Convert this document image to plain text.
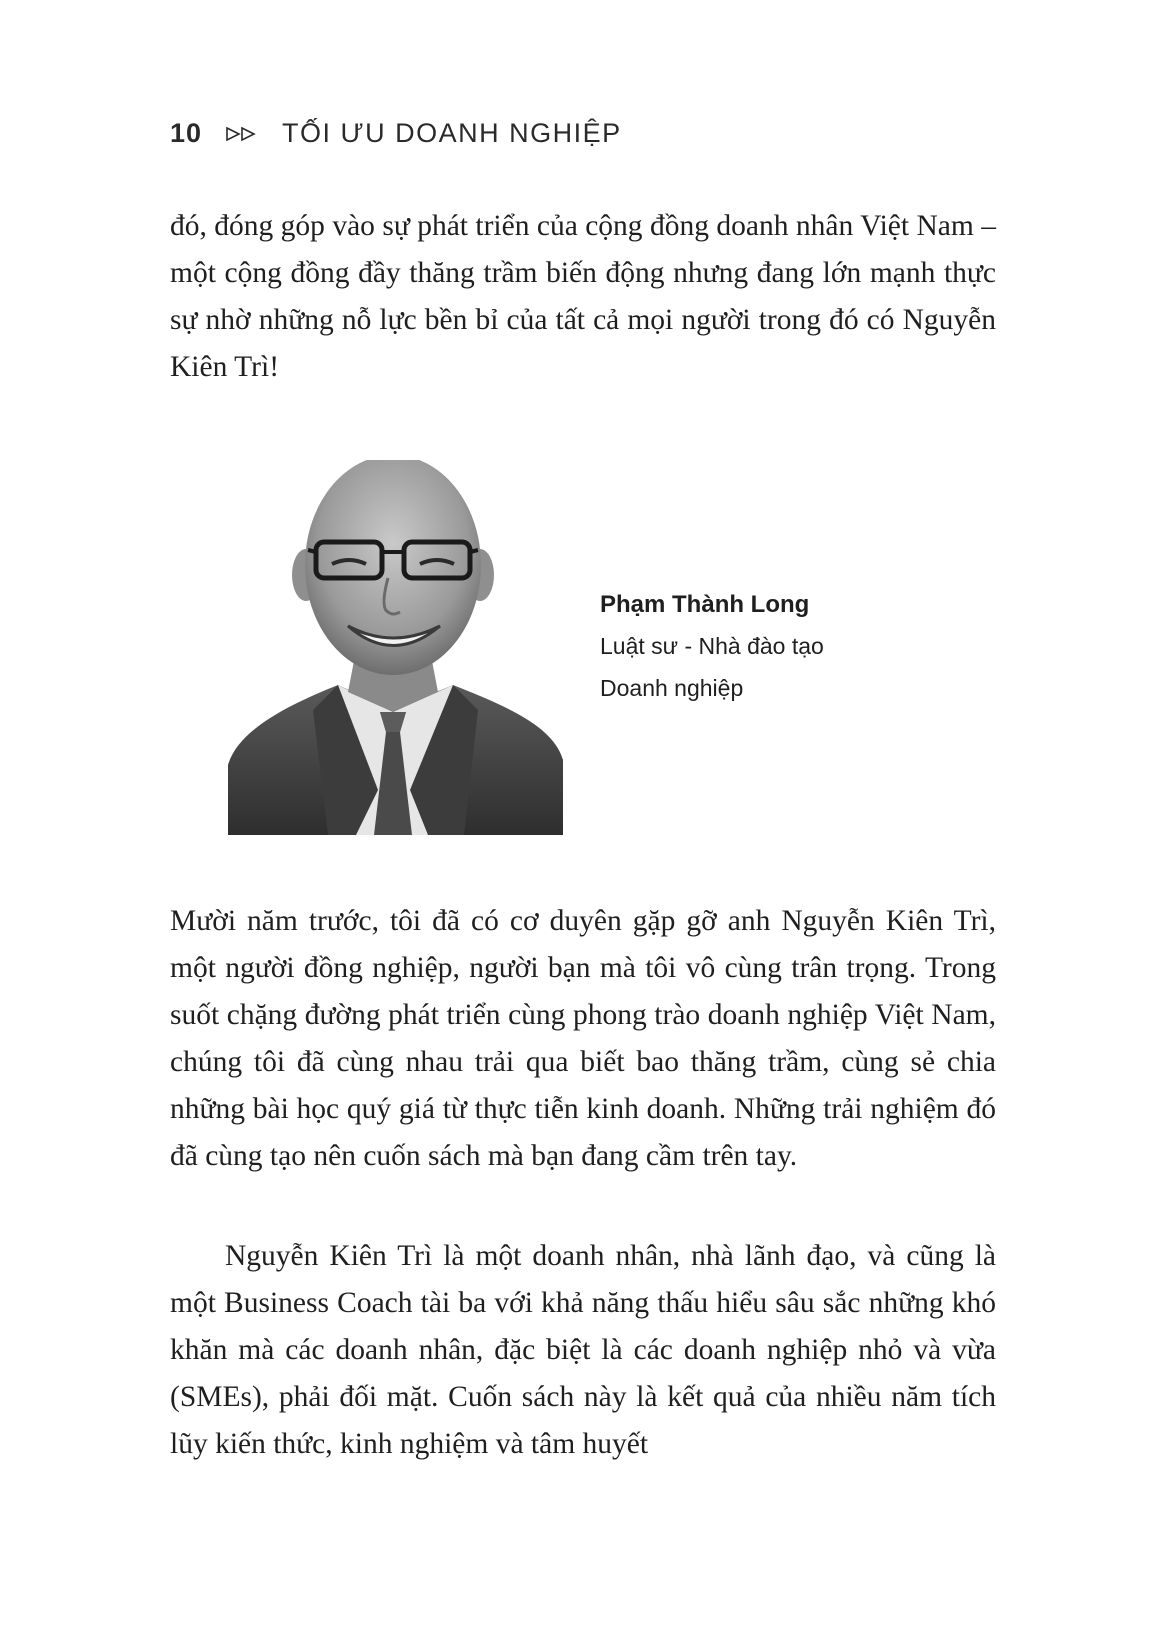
10	TỐI ƯU DOANH NGHIỆP

đó, đóng góp vào sự phát triển của cộng đồng doanh nhân Việt Nam – một cộng đồng đầy thăng trầm biến động nhưng đang lớn mạnh thực sự nhờ những nỗ lực bền bỉ của tất cả mọi người trong đó có Nguyễn Kiên Trì!

Phạm Thành Long
Luật sư - Nhà đào tạo
Doanh nghiệp

Mười năm trước, tôi đã có cơ duyên gặp gỡ anh Nguyễn Kiên Trì, một người đồng nghiệp, người bạn mà tôi vô cùng trân trọng. Trong suốt chặng đường phát triển cùng phong trào doanh nghiệp Việt Nam, chúng tôi đã cùng nhau trải qua biết bao thăng trầm, cùng sẻ chia những bài học quý giá từ thực tiễn kinh doanh. Những trải nghiệm đó đã cùng tạo nên cuốn sách mà bạn đang cầm trên tay.

Nguyễn Kiên Trì là một doanh nhân, nhà lãnh đạo, và cũng là một Business Coach tài ba với khả năng thấu hiểu sâu sắc những khó khăn mà các doanh nhân, đặc biệt là các doanh nghiệp nhỏ và vừa (SMEs), phải đối mặt. Cuốn sách này là kết quả của nhiều năm tích lũy kiến thức, kinh nghiệm và tâm huyết
